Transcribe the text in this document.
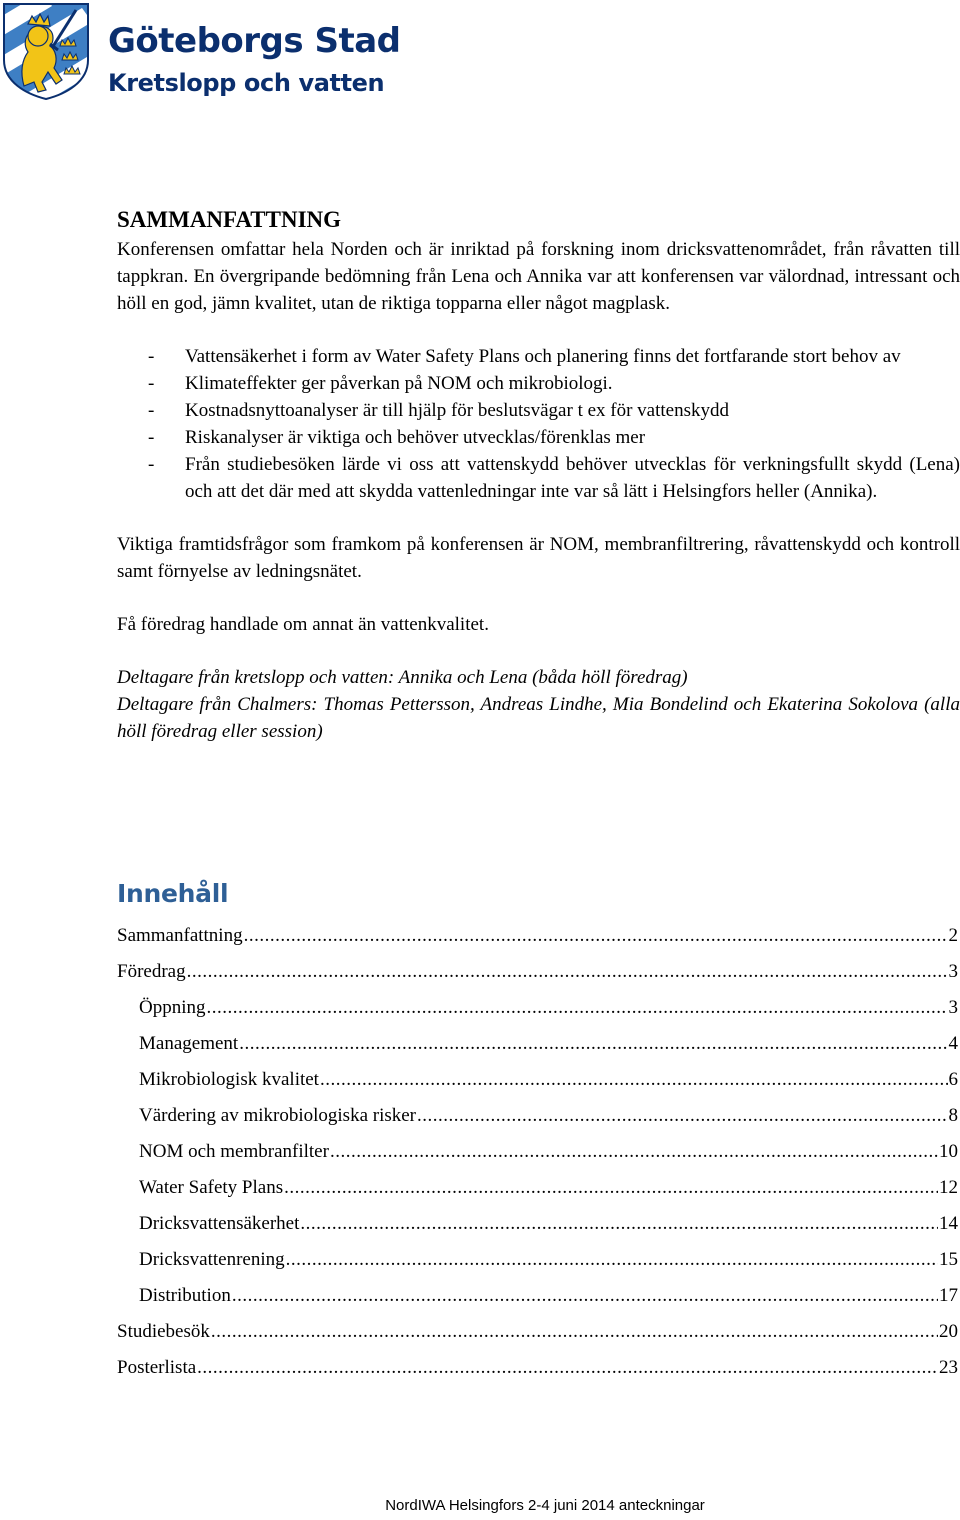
Göteborgs Stad
Kretslopp och vatten
SAMMANFATTNING

Konferensen omfattar hela Norden och är inriktad på forskning inom dricksvattenområdet, från råvatten till tappkran. En övergripande bedömning från Lena och Annika var att konferensen var välordnad, intressant och höll en god, jämn kvalitet, utan de riktiga topparna eller något magplask.

- Vattensäkerhet i form av Water Safety Plans och planering finns det fortfarande stort behov av
- Klimateffekter ger påverkan på NOM och mikrobiologi.
- Kostnadsnyttoanalyser är till hjälp för beslutsvägar t ex för vattenskydd
- Riskanalyser är viktiga och behöver utvecklas/förenklas mer
- Från studiebesöken lärde vi oss att vattenskydd behöver utvecklas för verkningsfullt skydd (Lena) och att det där med att skydda vattenledningar inte var så lätt i Helsingfors heller (Annika).

Viktiga framtidsfrågor som framkom på konferensen är NOM, membranfiltrering, råvattenskydd och kontroll samt förnyelse av ledningsnätet.

Få föredrag handlade om annat än vattenkvalitet.

Deltagare från kretslopp och vatten: Annika och Lena (båda höll föredrag)

Deltagare från Chalmers: Thomas Pettersson, Andreas Lindhe, Mia Bondelind och Ekaterina Sokolova (alla höll föredrag eller session)

Innehåll
Sammanfattning .....	2
Föredrag .....	3
Öppning .....	3
Management .....	4
Mikrobiologisk kvalitet .....	6
Värdering av mikrobiologiska risker .....	8
NOM och membranfilter .....	10
Water Safety Plans .....	12
Dricksvattensäkerhet .....	14
Dricksvattenrening .....	15
Distribution .....	17
Studiebesök .....	20
Posterlista .....	23
NordIWA Helsingfors 2-4 juni 2014 anteckningar
